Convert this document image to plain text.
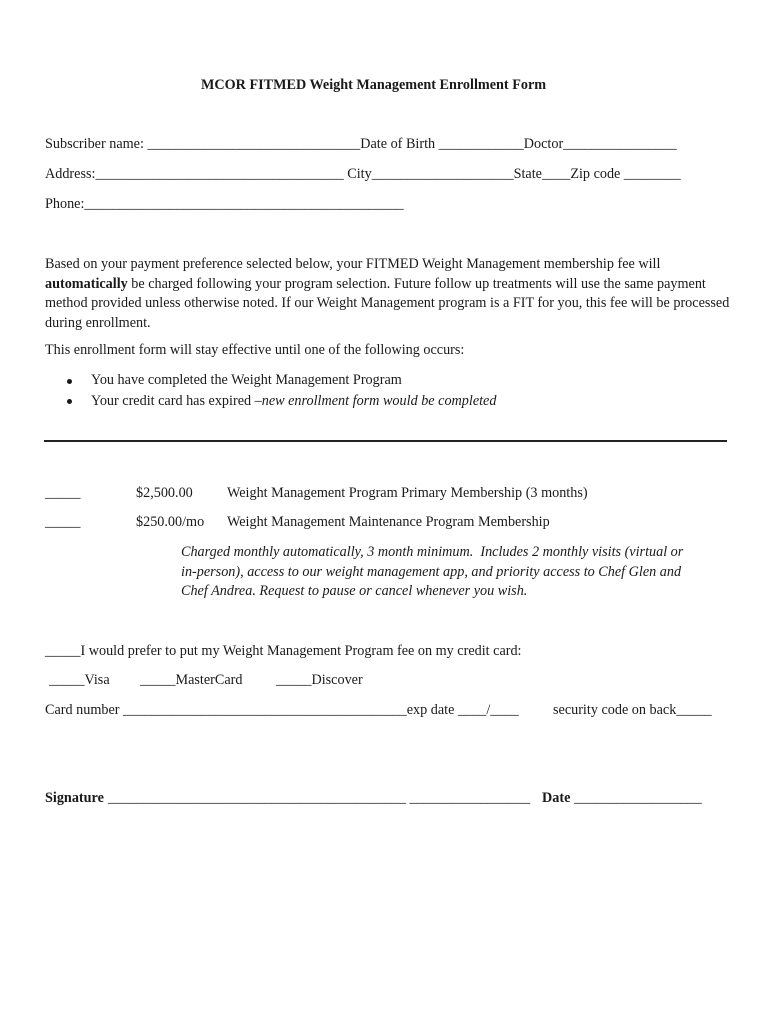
MCOR FITMED Weight Management Enrollment Form
Subscriber name: ______________________________Date of Birth ____________Doctor________________
Address:___________________________________ City____________________State____Zip code ________
Phone:_____________________________________________
Based on your payment preference selected below, your FITMED Weight Management membership fee will automatically be charged following your program selection. Future follow up treatments will use the same payment method provided unless otherwise noted. If our Weight Management program is a FIT for you, this fee will be processed during enrollment.
This enrollment form will stay effective until one of the following occurs:
You have completed the Weight Management Program
Your credit card has expired –new enrollment form would be completed
_____	$2,500.00 Weight Management Program Primary Membership (3 months)
_____	$250.00/mo Weight Management Maintenance Program Membership
Charged monthly automatically, 3 month minimum.  Includes 2 monthly visits (virtual or
in-person), access to our weight management app, and priority access to Chef Glen and
Chef Andrea. Request to pause or cancel whenever you wish.
_____I would prefer to put my Weight Management Program fee on my credit card:
_____Visa _____MasterCard _____Discover
Card number ________________________________________exp date ____/____ security code on back_____
Signature __________________________________________ _________________ Date __________________
